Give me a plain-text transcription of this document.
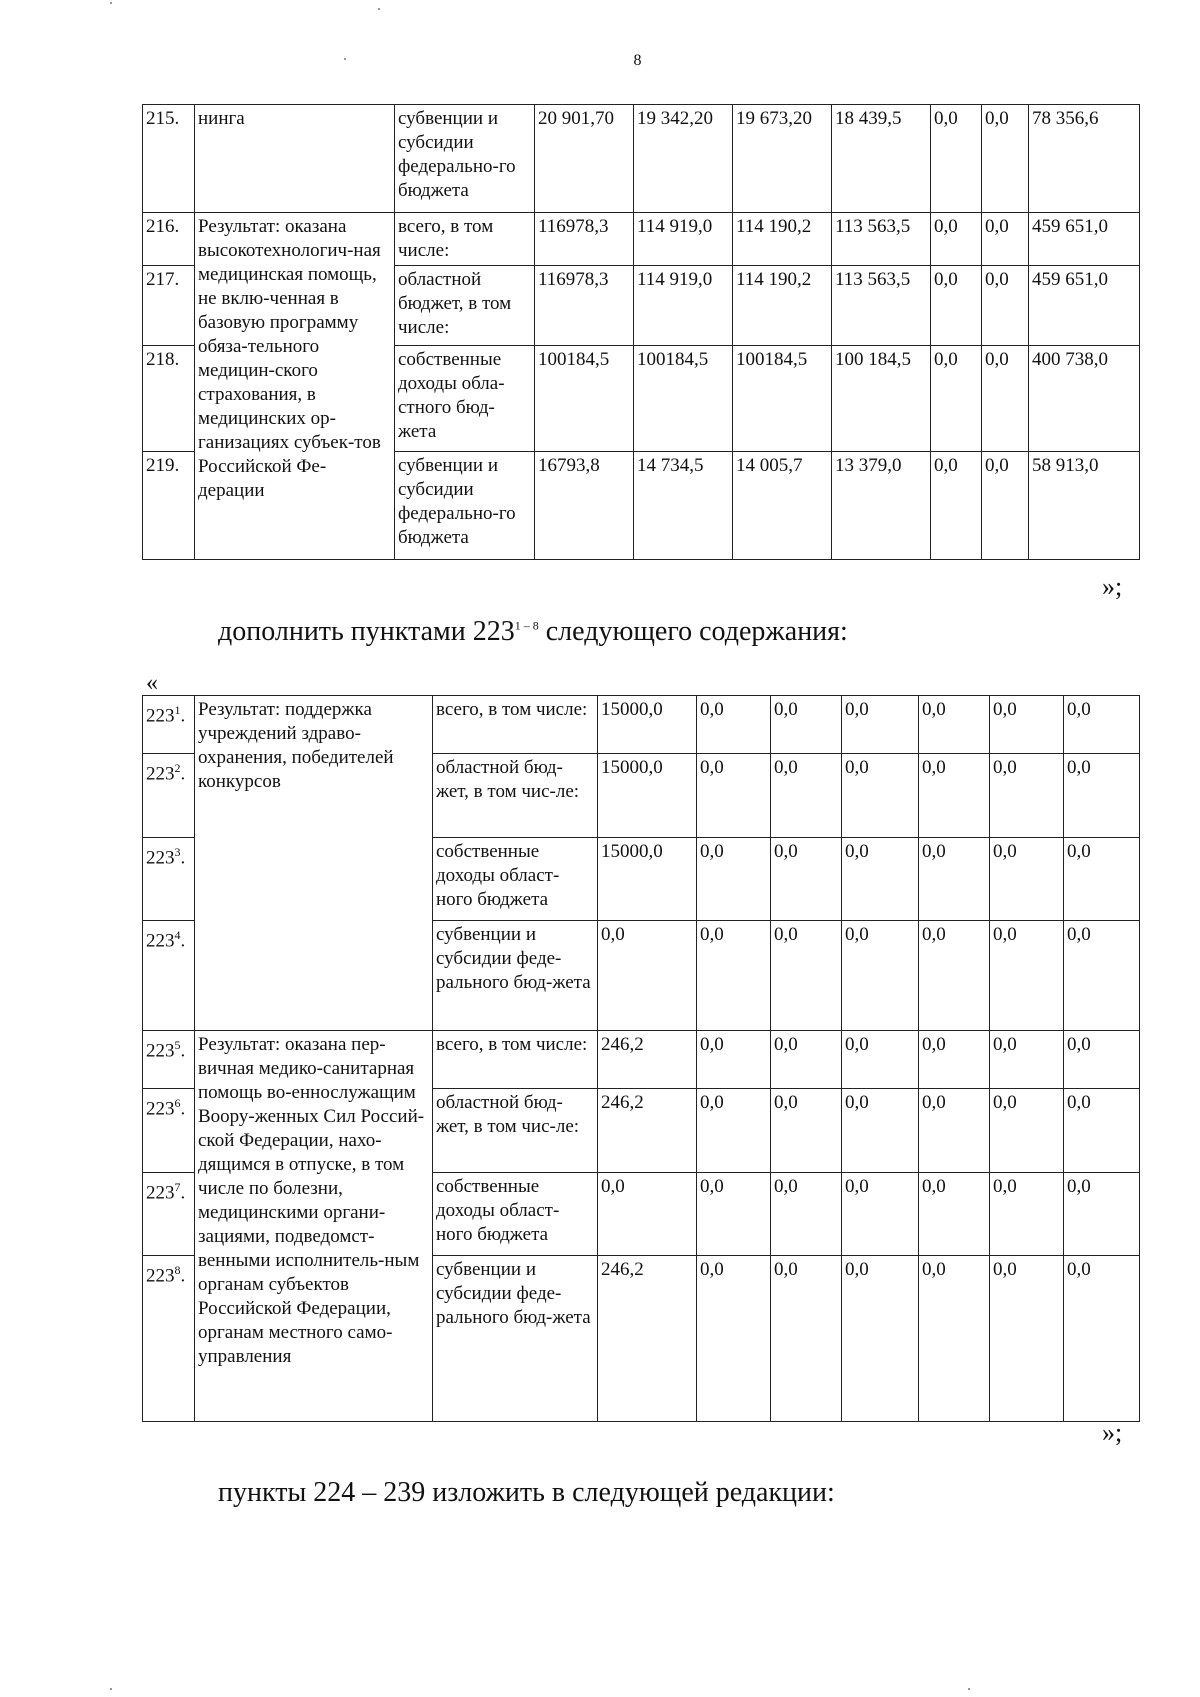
8
215.	нинга	субвенции и субсидии федерально-го бюджета	20 901,70	19 342,20	19 673,20	18 439,5	0,0	0,0	78 356,6
216.	Результат: оказана высокотехнологич-ная медицинская помощь, не вклю-ченная в базовую программу обяза-тельного медицин-ского страхования, в медицинских ор-ганизациях субъек-тов Российской Фе-дерации	всего, в том числе:	116978,3	114 919,0	114 190,2	113 563,5	0,0	0,0	459 651,0
217.		областной бюджет, в том числе:	116978,3	114 919,0	114 190,2	113 563,5	0,0	0,0	459 651,0
218.		собственные доходы обла-стного бюд-жета	100184,5	100184,5	100184,5	100 184,5	0,0	0,0	400 738,0
219.		субвенции и субсидии федерально-го бюджета	16793,8	14 734,5	14 005,7	13 379,0	0,0	0,0	58 913,0
»;
дополнить пунктами 223$^{1 - 8}$ следующего содержания:
«
$223^1$.	Результат: поддержка учреждений здраво-охранения, победителей конкурсов	всего, в том числе:	15000,0	0,0	0,0	0,0	0,0	0,0	0,0
$223^2$.		областной бюд-жет, в том чис-ле:	15000,0	0,0	0,0	0,0	0,0	0,0	0,0
$223^3$.		собственные доходы област-ного бюджета	15000,0	0,0	0,0	0,0	0,0	0,0	0,0
$223^4$.		субвенции и субсидии феде-рального бюд-жета	0,0	0,0	0,0	0,0	0,0	0,0	0,0
$223^5$.	Результат: оказана пер-вичная медико-санитарная помощь во-еннослужащим Воору-женных Сил Россий-ской Федерации, нахо-дящимся в отпуске, в том числе по болезни, медицинскими органи-зациями, подведомст-венными исполнитель-ным органам субъектов Российской Федерации, органам местного само-управления	всего, в том числе:	246,2	0,0	0,0	0,0	0,0	0,0	0,0
$223^6$.		областной бюд-жет, в том чис-ле:	246,2	0,0	0,0	0,0	0,0	0,0	0,0
$223^7$.		собственные доходы област-ного бюджета	0,0	0,0	0,0	0,0	0,0	0,0	0,0
$223^8$.		субвенции и субсидии феде-рального бюд-жета	246,2	0,0	0,0	0,0	0,0	0,0	0,0
»;
пункты 224 – 239 изложить в следующей редакции:
